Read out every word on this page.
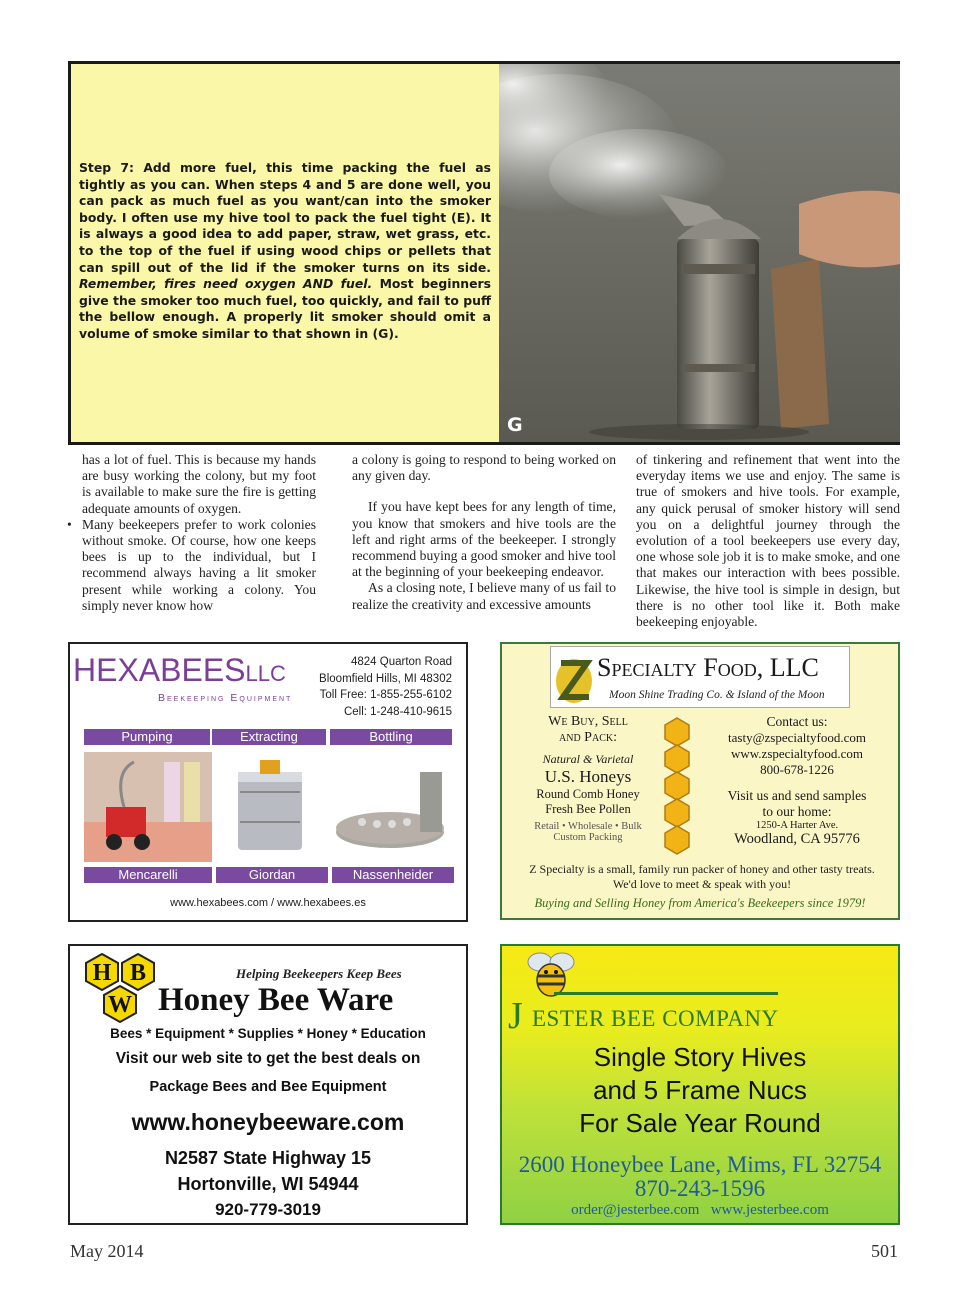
Step 7: Add more fuel, this time packing the fuel as tightly as you can. When steps 4 and 5 are done well, you can pack as much fuel as you want/can into the smoker body. I often use my hive tool to pack the fuel tight (E). It is always a good idea to add paper, straw, wet grass, etc. to the top of the fuel if using wood chips or pellets that can spill out of the lid if the smoker turns on its side. Remember, fires need oxygen AND fuel. Most beginners give the smoker too much fuel, too quickly, and fail to puff the bellow enough. A properly lit smoker should omit a volume of smoke similar to that shown in (G).
G

has a lot of fuel. This is because my hands are busy working the colony, but my foot is available to make sure the fire is getting adequate amounts of oxygen.

• Many beekeepers prefer to work colonies without smoke. Of course, how one keeps bees is up to the individual, but I recommend always having a lit smoker present while working a colony. You simply never know how

a colony is going to respond to being worked on any given day.

If you have kept bees for any length of time, you know that smokers and hive tools are the left and right arms of the beekeeper. I strongly recommend buying a good smoker and hive tool at the beginning of your beekeeping endeavor.

As a closing note, I believe many of us fail to realize the creativity and excessive amounts

of tinkering and refinement that went into the everyday items we use and enjoy. The same is true of smokers and hive tools. For example, any quick perusal of smoker history will send you on a delightful journey through the evolution of a tool beekeepers use every day, one whose sole job it is to make smoke, and one that makes our interaction with bees possible. Likewise, the hive tool is simple in design, but there is no other tool like it. Both make beekeeping enjoyable.

HEXABEESLLC
Beekeeping Equipment
4824 Quarton Road
Bloomfield Hills, MI 48302
Toll Free: 1-855-255-6102
Cell: 1-248-410-9615
Pumping	Extracting	Bottling
Mencarelli	Giordan	Nassenheider
www.hexabees.com / www.hexabees.es
Specialty Food, LLC
Moon Shine Trading Co. & Island of the Moon
We Buy, Sell
and Pack:
Natural & Varietal
U.S. Honeys
Round Comb Honey
Fresh Bee Pollen
Retail • Wholesale • Bulk
Custom Packing
Contact us:
tasty@zspecialtyfood.com
www.zspecialtyfood.com
800-678-1226
Visit us and send samples
to our home:
1250-A Harter Ave.
Woodland, CA 95776
Z Specialty is a small, family run packer of honey and other tasty treats.
We'd love to meet & speak with you!
Buying and Selling Honey from America's Beekeepers since 1979!
H B
W
Helping Beekeepers Keep Bees
Honey Bee Ware
Bees * Equipment * Supplies * Honey * Education
Visit our web site to get the best deals on
Package Bees and Bee Equipment
www.honeybeeware.com
N2587 State Highway 15
Hortonville, WI 54944
920-779-3019
J ESTER BEE COMPANY
Single Story Hives
and 5 Frame Nucs
For Sale Year Round
2600 Honeybee Lane, Mims, FL 32754
870-243-1596
order@jesterbee.com www.jesterbee.com
May 2014	501
